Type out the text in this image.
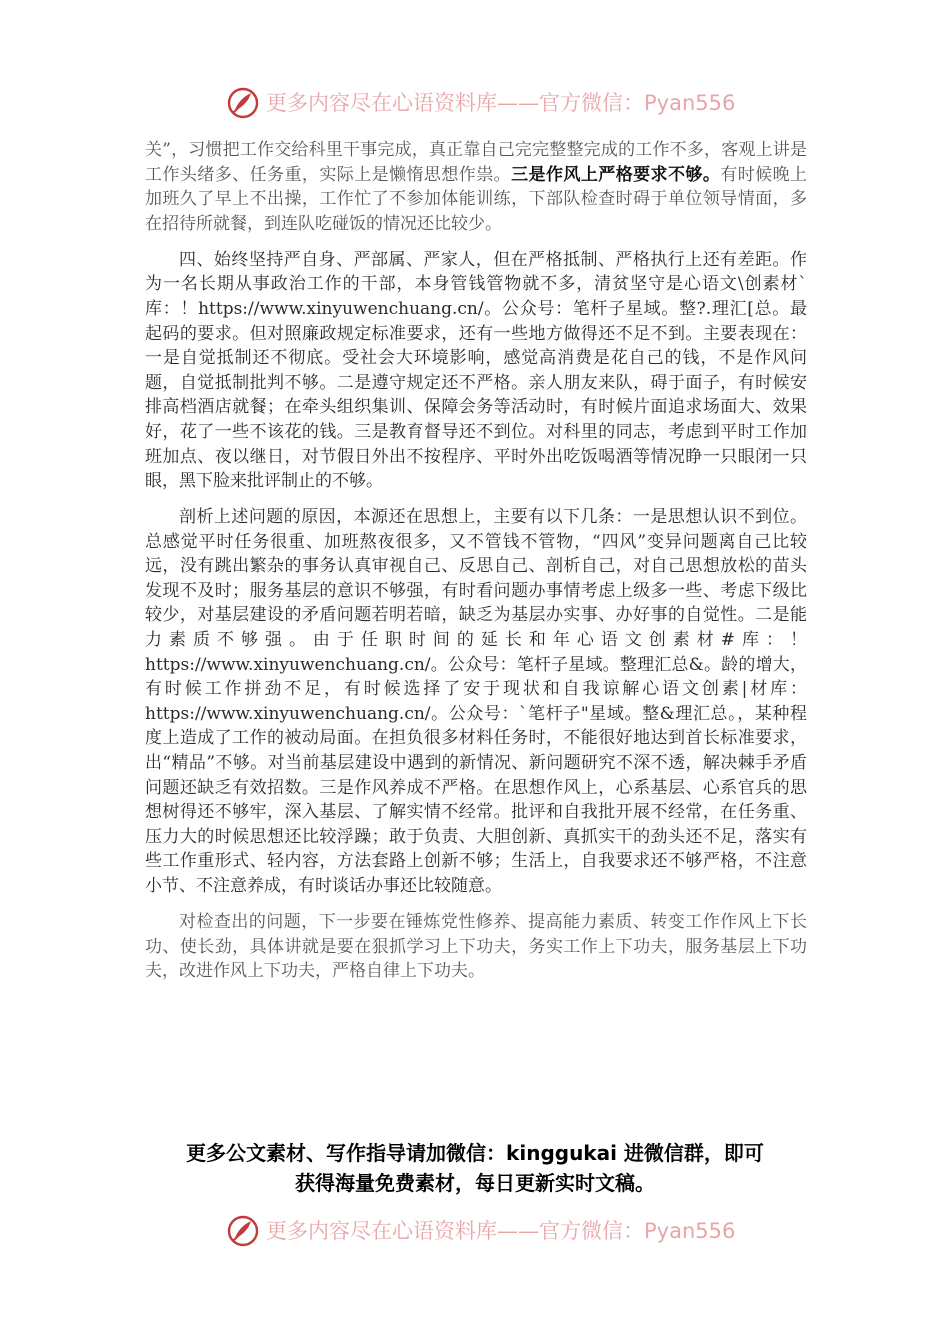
更多内容尽在心语资料库——官方微信：Pyan556

关”，习惯把工作交给科里干事完成，真正靠自己完完整整完成的工作不多，客观上讲是工作头绪多、任务重，实际上是懒惰思想作祟。三是作风上严格要求不够。有时候晚上加班久了早上不出操，工作忙了不参加体能训练，下部队检查时碍于单位领导情面，多在招待所就餐，到连队吃碰饭的情况还比较少。

四、始终坚持严自身、严部属、严家人，但在严格抵制、严格执行上还有差距。作为一名长期从事政治工作的干部，本身管钱管物就不多，清贫坚守是心语文\创素材`库：！https://www.xinyuwenchuang.cn/。公众号：笔杆子星域。整?.理汇[总。最起码的要求。但对照廉政规定标准要求，还有一些地方做得还不足不到。主要表现在：一是自觉抵制还不彻底。受社会大环境影响，感觉高消费是花自己的钱，不是作风问题，自觉抵制批判不够。二是遵守规定还不严格。亲人朋友来队，碍于面子，有时候安排高档酒店就餐；在牵头组织集训、保障会务等活动时，有时候片面追求场面大、效果好，花了一些不该花的钱。三是教育督导还不到位。对科里的同志，考虑到平时工作加班加点、夜以继日，对节假日外出不按程序、平时外出吃饭喝酒等情况睁一只眼闭一只眼，黑下脸来批评制止的不够。

剖析上述问题的原因，本源还在思想上，主要有以下几条：一是思想认识不到位。总感觉平时任务很重、加班熬夜很多，又不管钱不管物，“四风”变异问题离自己比较远，没有跳出繁杂的事务认真审视自己、反思自己、剖析自己，对自己思想放松的苗头发现不及时；服务基层的意识不够强，有时看问题办事情考虑上级多一些、考虑下级比较少，对基层建设的矛盾问题若明若暗，缺乏为基层办实事、办好事的自觉性。二是能力素质不够强。由于任职时间的延长和年心语文创素材#库：！https://www.xinyuwenchuang.cn/。公众号：笔杆子星域。整理汇总&。龄的增大，有时候工作拼劲不足，有时候选择了安于现状和自我谅解心语文创素|材库：https://www.xinyuwenchuang.cn/。公众号：`笔杆子"星域。整&理汇总。，某种程度上造成了工作的被动局面。在担负很多材料任务时，不能很好地达到首长标准要求，出“精品”不够。对当前基层建设中遇到的新情况、新问题研究不深不透，解决棘手矛盾问题还缺乏有效招数。三是作风养成不严格。在思想作风上，心系基层、心系官兵的思想树得还不够牢，深入基层、了解实情不经常。批评和自我批开展不经常，在任务重、压力大的时候思想还比较浮躁；敢于负责、大胆创新、真抓实干的劲头还不足，落实有些工作重形式、轻内容，方法套路上创新不够；生活上，自我要求还不够严格，不注意小节、不注意养成，有时谈话办事还比较随意。

对检查出的问题，下一步要在锤炼党性修养、提高能力素质、转变工作作风上下长功、使长劲，具体讲就是要在狠抓学习上下功夫，务实工作上下功夫，服务基层上下功夫，改进作风上下功夫，严格自律上下功夫。

更多公文素材、写作指导请加微信：kinggukai 进微信群，即可
获得海量免费素材，每日更新实时文稿。
更多内容尽在心语资料库——官方微信：Pyan556
